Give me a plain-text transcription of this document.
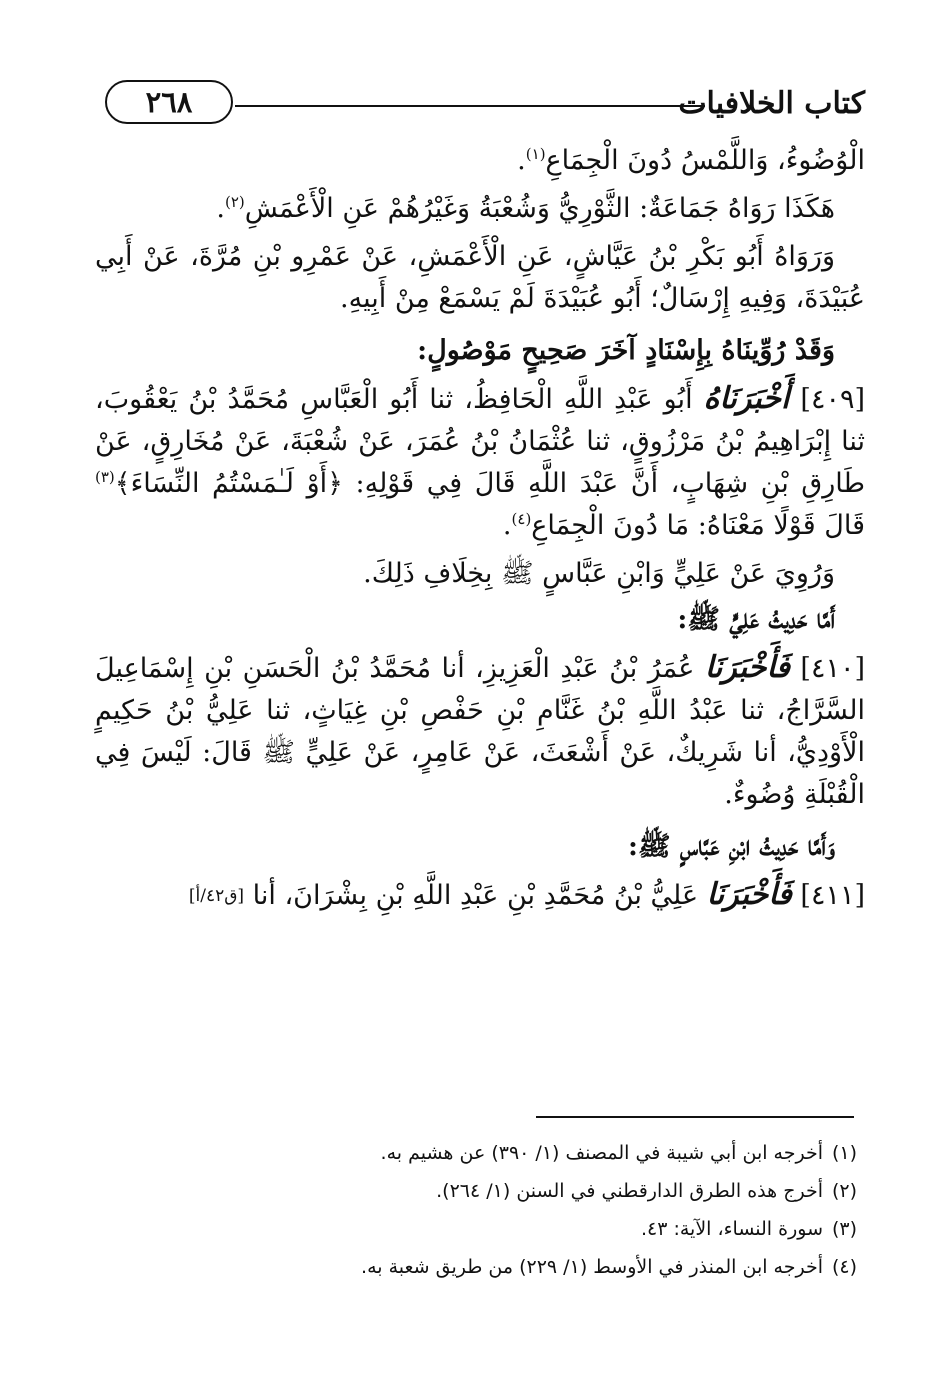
كتاب الخلافيات
٢٦٨

الْوُضُوءُ، وَاللَّمْسُ دُونَ الْجِمَاعِ$^{(١)}$.

هَكَذَا رَوَاهُ جَمَاعَةٌ: الثَّوْرِيُّ وَشُعْبَةُ وَغَيْرُهُمْ عَنِ الْأَعْمَشِ$^{(٢)}$.

وَرَوَاهُ أَبُو بَكْرِ بْنُ عَيَّاشٍ، عَنِ الْأَعْمَشِ، عَنْ عَمْرِو بْنِ مُرَّةَ، عَنْ أَبِي عُبَيْدَةَ، وَفِيهِ إِرْسَالٌ؛ أَبُو عُبَيْدَةَ لَمْ يَسْمَعْ مِنْ أَبِيهِ.

وَقَدْ رُوِّينَاهُ بِإِسْنَادٍ آخَرَ صَحِيحٍ مَوْصُولٍ:

[٤٠٩] أَخْبَرَنَاهُ أَبُو عَبْدِ اللَّهِ الْحَافِظُ، ثنا أَبُو الْعَبَّاسِ مُحَمَّدُ بْنُ يَعْقُوبَ، ثنا إِبْرَاهِيمُ بْنُ مَرْزُوقٍ، ثنا عُثْمَانُ بْنُ عُمَرَ، عَنْ شُعْبَةَ، عَنْ مُخَارِقٍ، عَنْ طَارِقِ بْنِ شِهَابٍ، أَنَّ عَبْدَ اللَّهِ قَالَ فِي قَوْلِهِ: ﴿أَوْ لَـٰمَسْتُمُ النِّسَاءَ﴾$^{(٣)}$ قَالَ قَوْلًا مَعْنَاهُ: مَا دُونَ الْجِمَاعِ$^{(٤)}$.

وَرُوِيَ عَنْ عَلِيٍّ وَابْنِ عَبَّاسٍ ﷺ بِخِلَافِ ذَلِكَ.

أَمَّا حَدِيثُ عَلِيٍّ ﷺ:

[٤١٠] فَأَخْبَرَنَا عُمَرُ بْنُ عَبْدِ الْعَزِيزِ، أنا مُحَمَّدُ بْنُ الْحَسَنِ بْنِ إِسْمَاعِيلَ السَّرَّاجُ، ثنا عَبْدُ اللَّهِ بْنُ غَنَّامِ بْنِ حَفْصِ بْنِ غِيَاثٍ، ثنا عَلِيُّ بْنُ حَكِيمٍ الْأَوْدِيُّ، أنا شَرِيكٌ، عَنْ أَشْعَثَ، عَنْ عَامِرٍ، عَنْ عَلِيٍّ ﷺ قَالَ: لَيْسَ فِي الْقُبْلَةِ وُضُوءٌ.

وَأَمَّا حَدِيثُ ابْنِ عَبَّاسٍ ﷺ:

[٤١١] فَأَخْبَرَنَا عَلِيُّ بْنُ مُحَمَّدِ بْنِ عَبْدِ اللَّهِ بْنِ بِشْرَانَ، أنا [ق٤٢/أ]

(١)أخرجه ابن أبي شيبة في المصنف (١/ ٣٩٠) عن هشيم به.

(٢)أخرج هذه الطرق الدارقطني في السنن (١/ ٢٦٤).

(٣)سورة النساء، الآية: ٤٣.

(٤)أخرجه ابن المنذر في الأوسط (١/ ٢٢٩) من طريق شعبة به.
